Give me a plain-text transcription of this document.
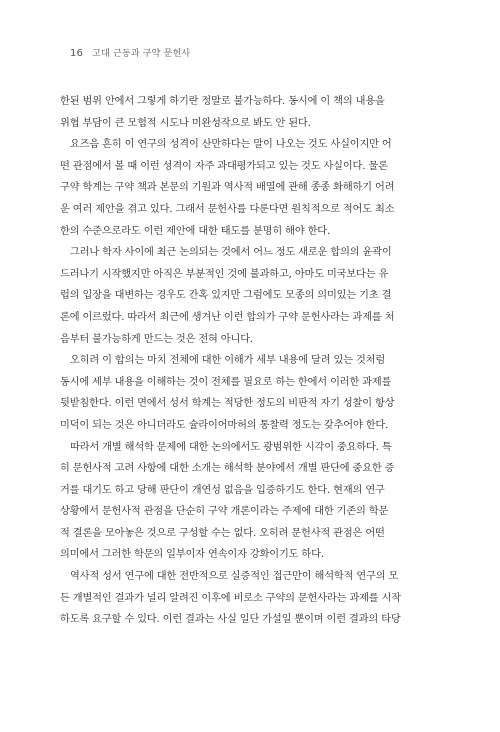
16 고대 근동과 구약 문헌사
한된 범위 안에서 그렇게 하기란 정말로 불가능하다. 동시에 이 책의 내용을
위협 부담이 큰 모험적 시도나 미완성작으로 봐도 안 된다.
요즈음 흔히 이 연구의 성격이 산만하다는 말이 나오는 것도 사실이지만 어
떤 관점에서 볼 때 이런 성격이 자주 과대평가되고 있는 것도 사실이다. 물론
구약 학계는 구약 책과 본문의 기원과 역사적 배열에 관해 종종 화해하기 어려
운 여러 제안을 겪고 있다. 그래서 문헌사를 다룬다면 원칙적으로 적어도 최소
한의 수준으로라도 이런 제안에 대한 태도를 분명히 해야 한다.
그러나 학자 사이에 최근 논의되는 것에서 어느 정도 새로운 합의의 윤곽이
드러나기 시작했지만 아직은 부분적인 것에 불과하고, 아마도 미국보다는 유
럽의 입장을 대변하는 경우도 간혹 있지만 그럼에도 모종의 의미있는 기초 결
론에 이르렀다. 따라서 최근에 생겨난 이런 합의가 구약 문헌사라는 과제를 처
음부터 불가능하게 만드는 것은 전혀 아니다.
오히려 이 합의는 마치 전체에 대한 이해가 세부 내용에 달려 있는 것처럼
동시에 세부 내용을 이해하는 것이 전체를 필요로 하는 한에서 이러한 과제를
뒷받침한다. 이런 면에서 성서 학계는 적당한 정도의 비판적 자기 성찰이 항상
미덕이 되는 것은 아니더라도 슐라이어마허의 통찰력 정도는 갖추어야 한다.
따라서 개별 해석학 문제에 대한 논의에서도 광범위한 시각이 중요하다. 특
히 문헌사적 고려 사항에 대한 소개는 해석학 분야에서 개별 판단에 중요한 증
거를 대기도 하고 당해 판단이 개연성 없음을 입증하기도 한다. 현재의 연구
상황에서 문헌사적 관점을 단순히 구약 개론이라는 주제에 대한 기존의 학문
적 결론을 모아놓은 것으로 구성할 수는 없다. 오히려 문헌사적 관점은 어떤
의미에서 그러한 학문의 일부이자 연속이자 강화이기도 하다.
역사적 성서 연구에 대한 전반적으로 실증적인 접근만이 해석학적 연구의 모
든 개별적인 결과가 널리 알려진 이후에 비로소 구약의 문헌사라는 과제를 시작
하도록 요구할 수 있다. 이런 결과는 사실 일단 가설일 뿐이며 이런 결과의 타당
